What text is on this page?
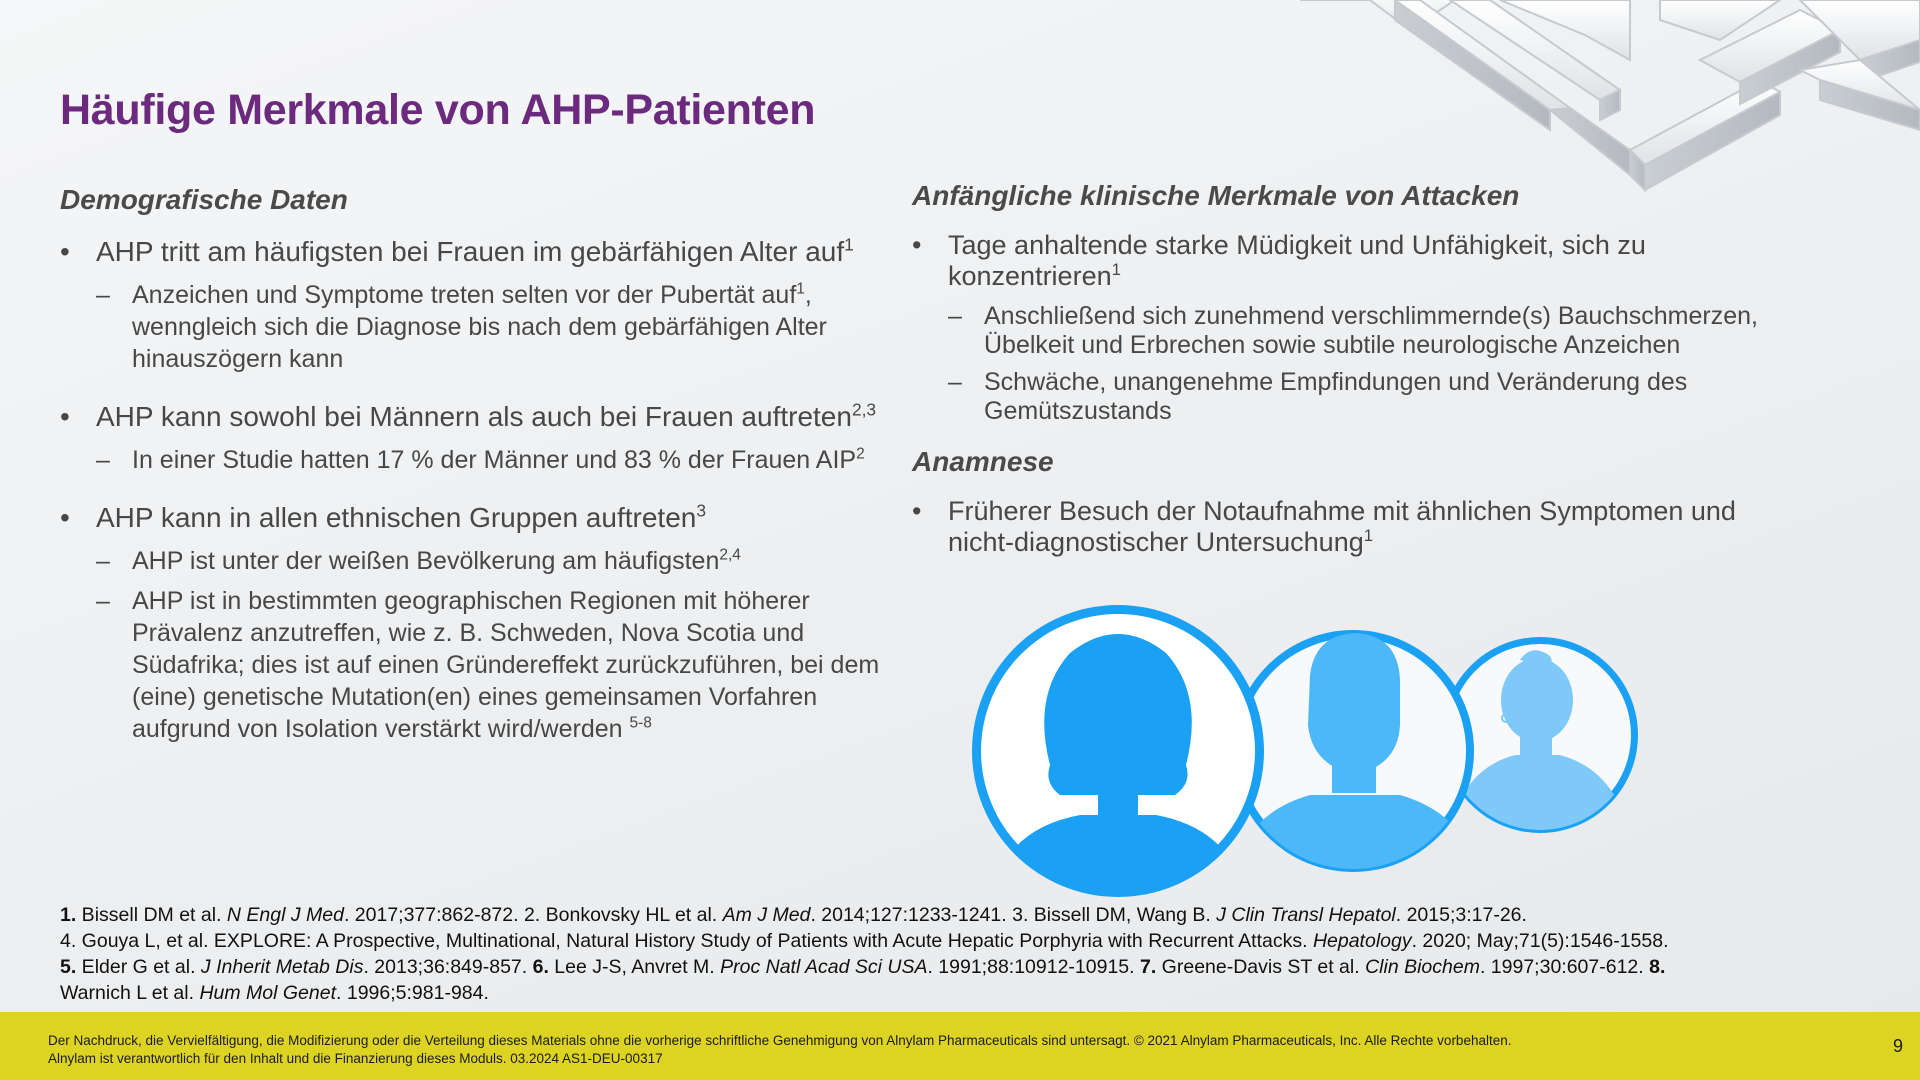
Häufige Merkmale von AHP-Patienten
Demografische Daten
• AHP tritt am häufigsten bei Frauen im gebärfähigen Alter auf$^1$
– Anzeichen und Symptome treten selten vor der Pubertät auf$^1$, wenngleich sich die Diagnose bis nach dem gebärfähigen Alter hinauszögern kann
• AHP kann sowohl bei Männern als auch bei Frauen auftreten$^{2,3}$
– In einer Studie hatten 17 % der Männer und 83 % der Frauen AIP$^2$
• AHP kann in allen ethnischen Gruppen auftreten$^3$
– AHP ist unter der weißen Bevölkerung am häufigsten$^{2,4}$
– AHP ist in bestimmten geographischen Regionen mit höherer Prävalenz anzutreffen, wie z. B. Schweden, Nova Scotia und Südafrika; dies ist auf einen Gründereffekt zurückzuführen, bei dem (eine) genetische Mutation(en) eines gemeinsamen Vorfahren aufgrund von Isolation verstärkt wird/werden $^{5-8}$
Anfängliche klinische Merkmale von Attacken
• Tage anhaltende starke Müdigkeit und Unfähigkeit, sich zu konzentrieren$^1$
– Anschließend sich zunehmend verschlimmernde(s) Bauchschmerzen,
Übelkeit und Erbrechen sowie subtile neurologische Anzeichen
– Schwäche, unangenehme Empfindungen und Veränderung des Gemütszustands
Anamnese
• Früherer Besuch der Notaufnahme mit ähnlichen Symptomen und nicht-diagnostischer Untersuchung$^1$

1. Bissell DM et al. N Engl J Med. 2017;377:862-872. 2. Bonkovsky HL et al. Am J Med. 2014;127:1233-1241. 3. Bissell DM, Wang B. J Clin Transl Hepatol. 2015;3:17-26.

4. Gouya L, et al. EXPLORE: A Prospective, Multinational, Natural History Study of Patients with Acute Hepatic Porphyria with Recurrent Attacks. Hepatology. 2020; May;71(5):1546-1558.

5. Elder G et al. J Inherit Metab Dis. 2013;36:849-857. 6. Lee J-S, Anvret M. Proc Natl Acad Sci USA. 1991;88:10912-10915. 7. Greene-Davis ST et al. Clin Biochem. 1997;30:607-612. 8.

Warnich L et al. Hum Mol Genet. 1996;5:981-984.

Der Nachdruck, die Vervielfältigung, die Modifizierung oder die Verteilung dieses Materials ohne die vorherige schriftliche Genehmigung von Alnylam Pharmaceuticals sind untersagt. © 2021 Alnylam Pharmaceuticals, Inc. Alle Rechte vorbehalten.
Alnylam ist verantwortlich für den Inhalt und die Finanzierung dieses Moduls. 03.2024 AS1-DEU-00317
9
